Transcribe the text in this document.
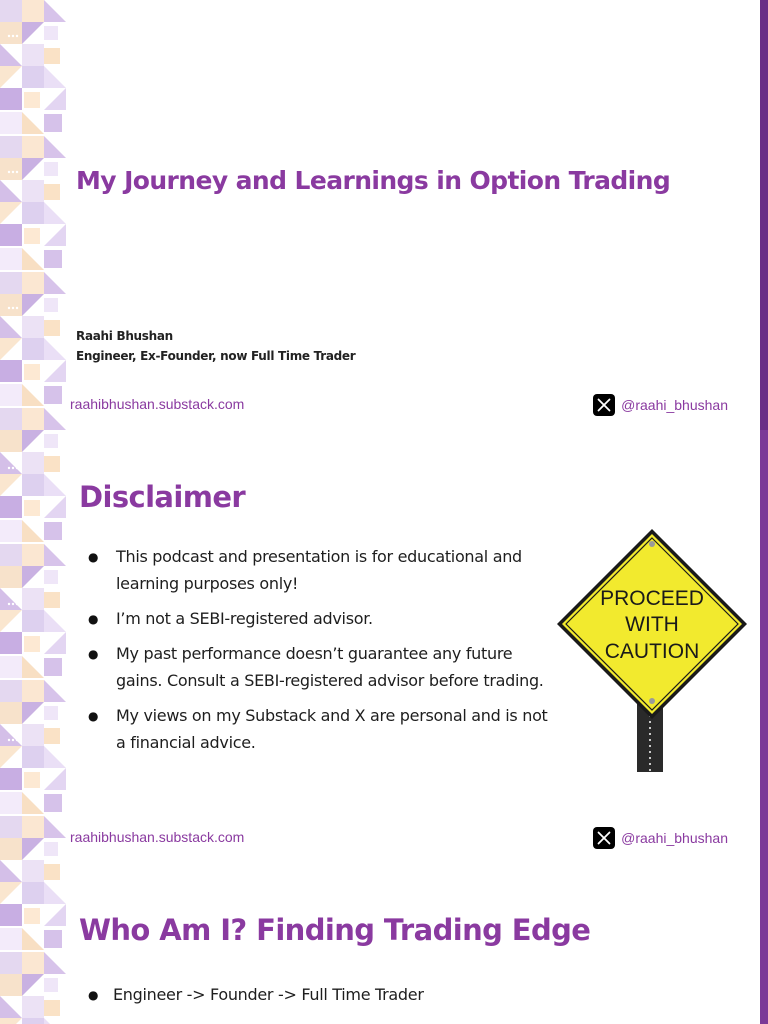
My Journey and Learnings in Option Trading
Raahi Bhushan
Engineer, Ex-Founder, now Full Time Trader
raahibhushan.substack.com	@raahi_bhushan
Disclaimer
● This podcast and presentation is for educational and learning purposes only!
● I’m not a SEBI-registered advisor.
● My past performance doesn’t guarantee any future gains. Consult a SEBI-registered advisor before trading.
● My views on my Substack and X are personal and is not a financial advice.
PROCEED
WITH
CAUTION
raahibhushan.substack.com	@raahi_bhushan
Who Am I? Finding Trading Edge
● Engineer -> Founder -> Full Time Trader
